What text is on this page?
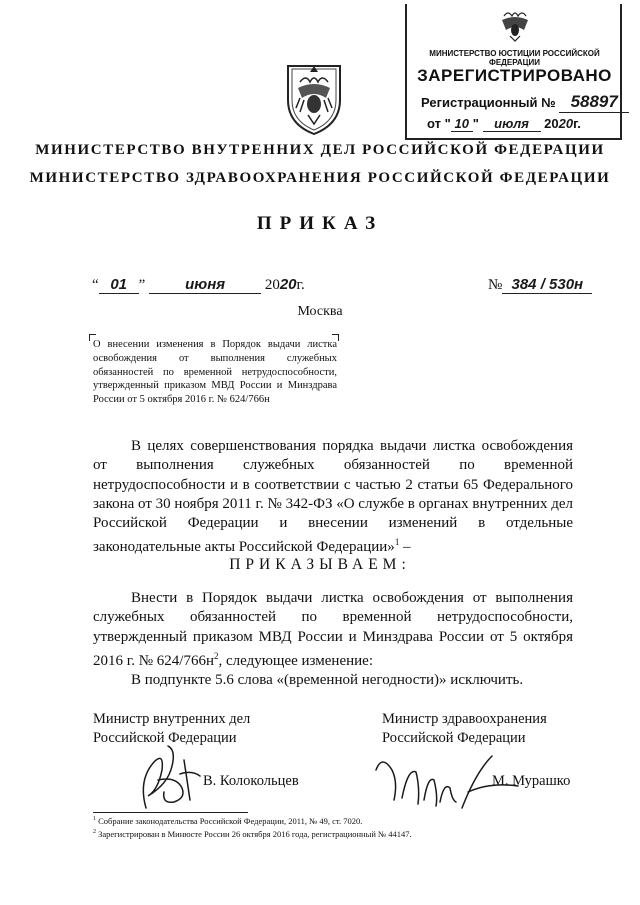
МИНИСТЕРСТВО ЮСТИЦИИ РОССИЙСКОЙ ФЕДЕРАЦИИ
ЗАРЕГИСТРИРОВАНО
Регистрационный № 58897
от " 10 " июля 2020г.
МИНИСТЕРСТВО ВНУТРЕННИХ ДЕЛ РОССИЙСКОЙ ФЕДЕРАЦИИ
МИНИСТЕРСТВО ЗДРАВООХРАНЕНИЯ РОССИЙСКОЙ ФЕДЕРАЦИИ
ПРИКАЗ
“ 01 ” июня	2020г.	№ 384 / 530н
Москва
О внесении изменения в Порядок выдачи листка освобождения от выполнения служебных обязанностей по временной нетрудоспособности, утвержденный приказом МВД России и Минздрава России от 5 октября 2016 г. № 624/766н

В целях совершенствования порядка выдачи листка освобождения от выполнения служебных обязанностей по временной нетрудоспособности и в соответствии с частью 2 статьи 65 Федерального закона от 30 ноября 2011 г. № 342-ФЗ «О службе в органах внутренних дел Российской Федерации и внесении изменений в отдельные законодательные акты Российской Федерации»$^1$ –

ПРИКАЗЫВАЕМ:

Внести в Порядок выдачи листка освобождения от выполнения служебных обязанностей по временной нетрудоспособности, утвержденный приказом МВД России и Минздрава России от 5 октября 2016 г. № $624/766н^2$, следующее изменение:

В подпункте 5.6 слова «(временной негодности)» исключить.

Министр внутренних дел
Российской Федерации
Министр здравоохранения
Российской Федерации
В. Колокольцев	М. Мурашко
$^1$ Собрание законодательства Российской Федерации, 2011, № 49, ст. 7020.
$^2$ Зарегистрирован в Минюсте России 26 октября 2016 года, регистрационный № 44147.
